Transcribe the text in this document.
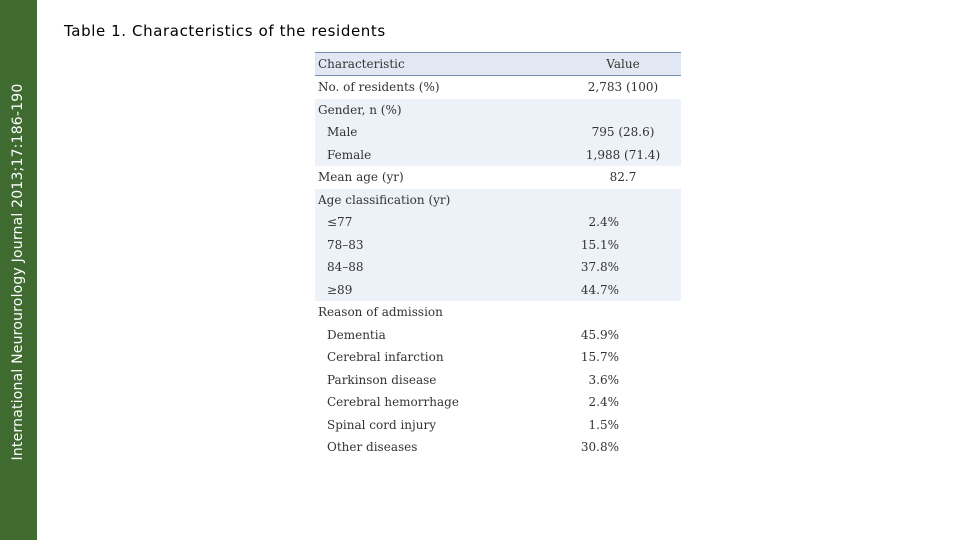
International Neurourology Journal 2013;17:186-190
Table 1. Characteristics of the residents
Characteristic	Value
No. of residents (%)	2,783 (100)
Gender, n (%)
Male	795 (28.6)
Female	1,988 (71.4)
Mean age (yr)	82.7
Age classification (yr)
≤77	2.4%
78–83	15.1%
84–88	37.8%
≥89	44.7%
Reason of admission
Dementia	45.9%
Cerebral infarction	15.7%
Parkinson disease	3.6%
Cerebral hemorrhage	2.4%
Spinal cord injury	1.5%
Other diseases	30.8%
